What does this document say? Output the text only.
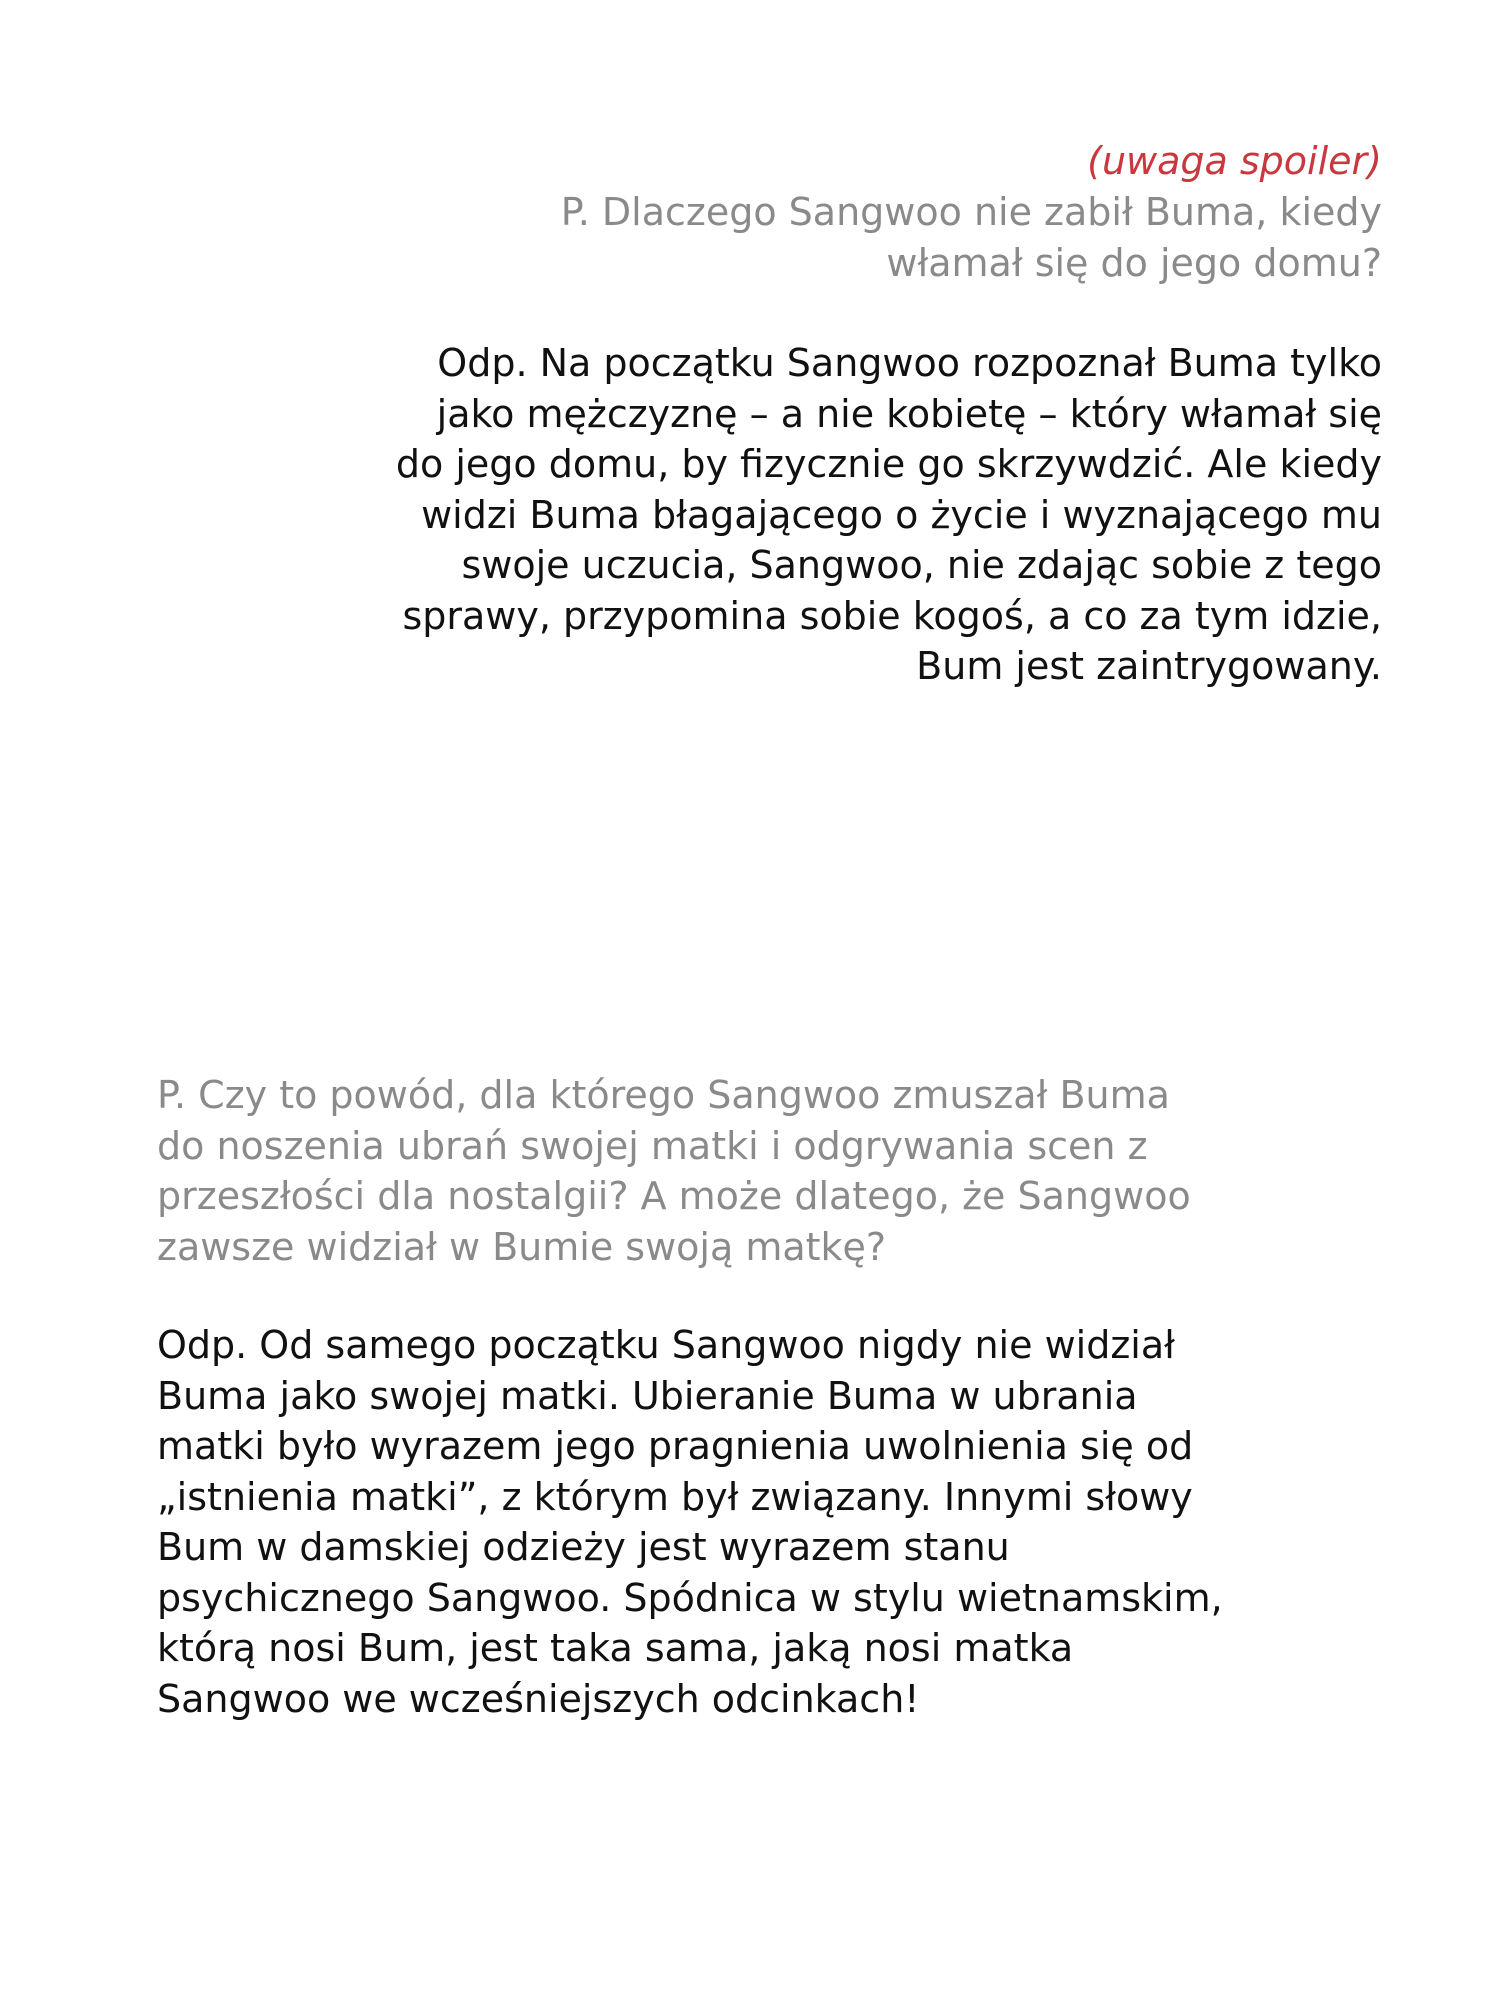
(uwaga spoiler)
P. Dlaczego Sangwoo nie zabił Buma, kiedy
włamał się do jego domu?
Odp. Na początku Sangwoo rozpoznał Buma tylko
jako mężczyznę – a nie kobietę – który włamał się
do jego domu, by fizycznie go skrzywdzić. Ale kiedy
widzi Buma błagającego o życie i wyznającego mu
swoje uczucia, Sangwoo, nie zdając sobie z tego
sprawy, przypomina sobie kogoś, a co za tym idzie,
Bum jest zaintrygowany.
P. Czy to powód, dla którego Sangwoo zmuszał Buma
do noszenia ubrań swojej matki i odgrywania scen z
przeszłości dla nostalgii? A może dlatego, że Sangwoo
zawsze widział w Bumie swoją matkę?
Odp. Od samego początku Sangwoo nigdy nie widział
Buma jako swojej matki. Ubieranie Buma w ubrania
matki było wyrazem jego pragnienia uwolnienia się od
„istnienia matki”, z którym był związany. Innymi słowy
Bum w damskiej odzieży jest wyrazem stanu
psychicznego Sangwoo. Spódnica w stylu wietnamskim,
którą nosi Bum, jest taka sama, jaką nosi matka
Sangwoo we wcześniejszych odcinkach!
